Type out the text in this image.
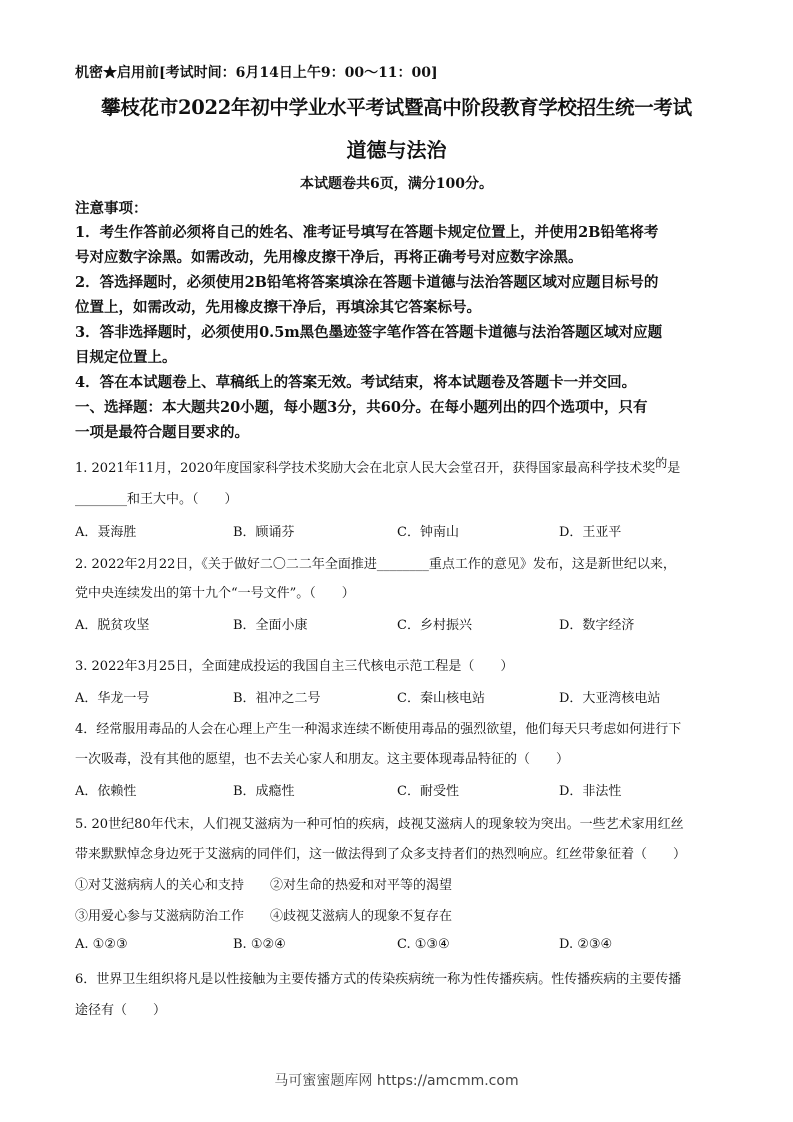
机密★启用前[考试时间：6月14日上午9：00～11：00]
攀枝花市2022年初中学业水平考试暨高中阶段教育学校招生统一考试
道德与法治
本试题卷共6页，满分100分。
注意事项：
1．考生作答前必须将自己的姓名、准考证号填写在答题卡规定位置上，并使用2B铅笔将考
号对应数字涂黑。如需改动，先用橡皮擦干净后，再将正确考号对应数字涂黑。
2．答选择题时，必须使用2B铅笔将答案填涂在答题卡道德与法治答题区域对应题目标号的
位置上，如需改动，先用橡皮擦干净后，再填涂其它答案标号。
3．答非选择题时，必须使用0.5m黑色墨迹签字笔作答在答题卡道德与法治答题区域对应题
目规定位置上。
4．答在本试题卷上、草稿纸上的答案无效。考试结束，将本试题卷及答题卡一并交回。
一、选择题：本大题共20小题，每小题3分，共60分。在每小题列出的四个选项中，只有
一项是最符合题目要求的。
1. 2021年11月，2020年度国家科学技术奖励大会在北京人民大会堂召开，获得国家最高科学技术奖的是
________和王大中。（　　）
A．聂海胜	B．顾诵芬	C．钟南山	D．王亚平
2. 2022年2月22日，《关于做好二〇二二年全面推进________重点工作的意见》发布，这是新世纪以来，
党中央连续发出的第十九个“一号文件”。（　　）
A．脱贫攻坚	B．全面小康	C．乡村振兴	D．数字经济
3. 2022年3月25日，全面建成投运的我国自主三代核电示范工程是（　　）
A．华龙一号	B．祖冲之二号	C．秦山核电站	D．大亚湾核电站
4．经常服用毒品的人会在心理上产生一种渴求连续不断使用毒品的强烈欲望，他们每天只考虑如何进行下
一次吸毒，没有其他的愿望，也不去关心家人和朋友。这主要体现毒品特征的（　　）
A．依赖性	B．成瘾性	C．耐受性	D．非法性
5. 20世纪80年代末，人们视艾滋病为一种可怕的疾病，歧视艾滋病人的现象较为突出。一些艺术家用红丝
带来默默悼念身边死于艾滋病的同伴们，这一做法得到了众多支持者们的热烈响应。红丝带象征着（　　）
①对艾滋病病人的关心和支持　　②对生命的热爱和对平等的渴望
③用爱心参与艾滋病防治工作　　④歧视艾滋病人的现象不复存在
A. ①②③	B. ①②④	C. ①③④	D. ②③④
6．世界卫生组织将凡是以性接触为主要传播方式的传染疾病统一称为性传播疾病。性传播疾病的主要传播
途径有（　　）
马可蜜蜜题库网 https://amcmm.com
